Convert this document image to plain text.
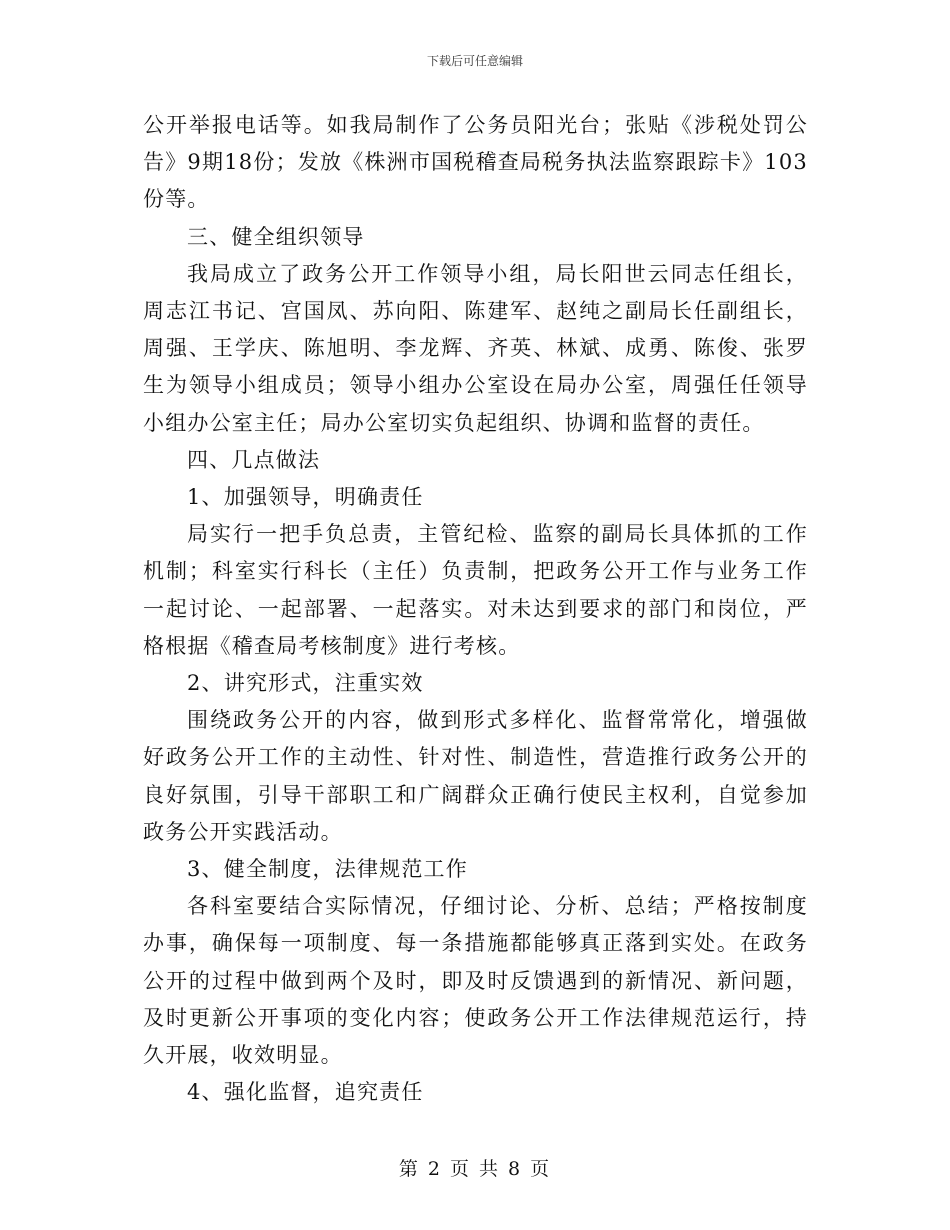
下载后可任意编辑

公开举报电话等。如我局制作了公务员阳光台；张贴《涉税处罚公告》9期18份；发放《株洲市国税稽查局税务执法监察跟踪卡》103份等。

三、健全组织领导

我局成立了政务公开工作领导小组，局长阳世云同志任组长，周志江书记、宫国凤、苏向阳、陈建军、赵纯之副局长任副组长，周强、王学庆、陈旭明、李龙辉、齐英、林斌、成勇、陈俊、张罗生为领导小组成员；领导小组办公室设在局办公室，周强任任领导小组办公室主任；局办公室切实负起组织、协调和监督的责任。

四、几点做法

1、加强领导，明确责任

局实行一把手负总责，主管纪检、监察的副局长具体抓的工作机制；科室实行科长（主任）负责制，把政务公开工作与业务工作一起讨论、一起部署、一起落实。对未达到要求的部门和岗位，严格根据《稽查局考核制度》进行考核。

2、讲究形式，注重实效

围绕政务公开的内容，做到形式多样化、监督常常化，增强做好政务公开工作的主动性、针对性、制造性，营造推行政务公开的良好氛围，引导干部职工和广阔群众正确行使民主权利，自觉参加政务公开实践活动。

3、健全制度，法律规范工作

各科室要结合实际情况，仔细讨论、分析、总结；严格按制度办事，确保每一项制度、每一条措施都能够真正落到实处。在政务公开的过程中做到两个及时，即及时反馈遇到的新情况、新问题，及时更新公开事项的变化内容；使政务公开工作法律规范运行，持久开展，收效明显。

4、强化监督，追究责任

第 2 页 共 8 页
